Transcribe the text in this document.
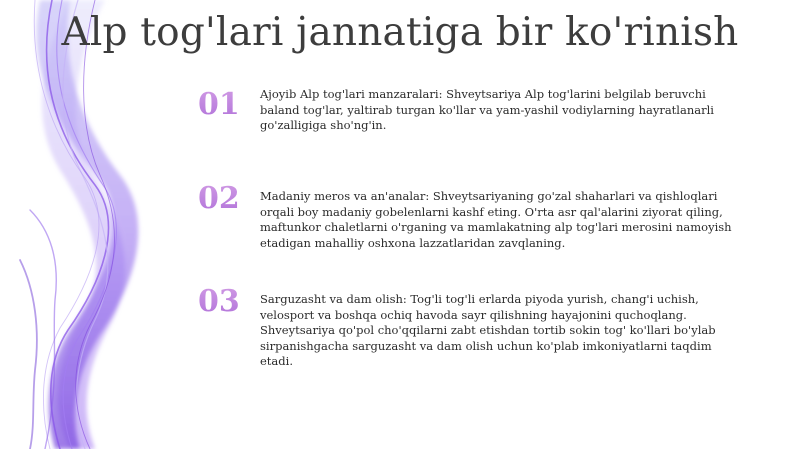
Alp tog'lari jannatiga bir ko'rinish
01 Ajoyib Alp tog'lari manzaralari: Shveytsariya Alp tog'larini belgilab beruvchi baland tog'lar, yaltirab turgan ko'llar va yam-yashil vodiylarning hayratlanarli go'zalligiga sho'ng'in.
02 Madaniy meros va an'analar: Shveytsariyaning go'zal shaharlari va qishloqlari orqali boy madaniy gobelenlarni kashf eting. O'rta asr qal'alarini ziyorat qiling, maftunkor chaletlarni o'rganing va mamlakatning alp tog'lari merosini namoyish etadigan mahalliy oshxona lazzatlaridan zavqlaning.
03 Sarguzasht va dam olish: Tog'li tog'li erlarda piyoda yurish, chang'i uchish, velosport va boshqa ochiq havoda sayr qilishning hayajonini quchoqlang. Shveytsariya qo'pol cho'qqilarni zabt etishdan tortib sokin tog' ko'llari bo'ylab sirpanishgacha sarguzasht va dam olish uchun ko'plab imkoniyatlarni taqdim etadi.
